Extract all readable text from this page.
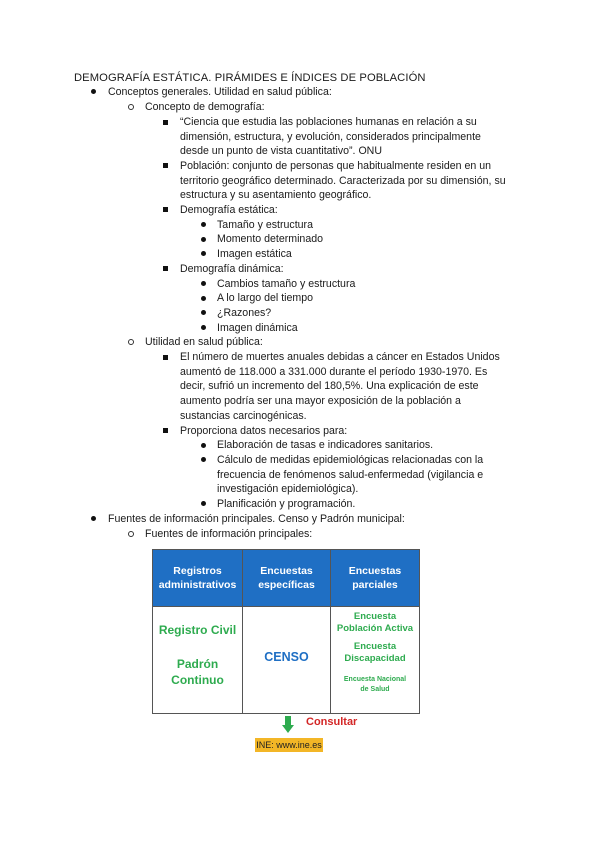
DEMOGRAFÍA ESTÁTICA. PIRÁMIDES E ÍNDICES DE POBLACIÓN
Conceptos generales. Utilidad en salud pública:
Concepto de demografía:
“Ciencia que estudia las poblaciones humanas en relación a su
dimensión, estructura, y evolución, considerados principalmente
desde un punto de vista cuantitativo”. ONU
Población: conjunto de personas que habitualmente residen en un
territorio geográfico determinado. Caracterizada por su dimensión, su
estructura y su asentamiento geográfico.
Demografía estática:
Tamaño y estructura
Momento determinado
Imagen estática
Demografía dinámica:
Cambios tamaño y estructura
A lo largo del tiempo
¿Razones?
Imagen dinámica
Utilidad en salud pública:
El número de muertes anuales debidas a cáncer en Estados Unidos
aumentó de 118.000 a 331.000 durante el período 1930-1970. Es
decir, sufrió un incremento del 180,5%. Una explicación de este
aumento podría ser una mayor exposición de la población a
sustancias carcinogénicas.
Proporciona datos necesarios para:
Elaboración de tasas e indicadores sanitarios.
Cálculo de medidas epidemiológicas relacionadas con la
frecuencia de fenómenos salud-enfermedad (vigilancia e
investigación epidemiológica).
Planificación y programación.
Fuentes de información principales. Censo y Padrón municipal:
Fuentes de información principales:
Registros
administrativos
Encuestas
específicas
Encuestas
parciales
Registro Civil
Padrón
Continuo
CENSO
Encuesta
Población Activa
Encuesta
Discapacidad
Encuesta Nacional
de Salud
Consultar
INE: www.ine.es
